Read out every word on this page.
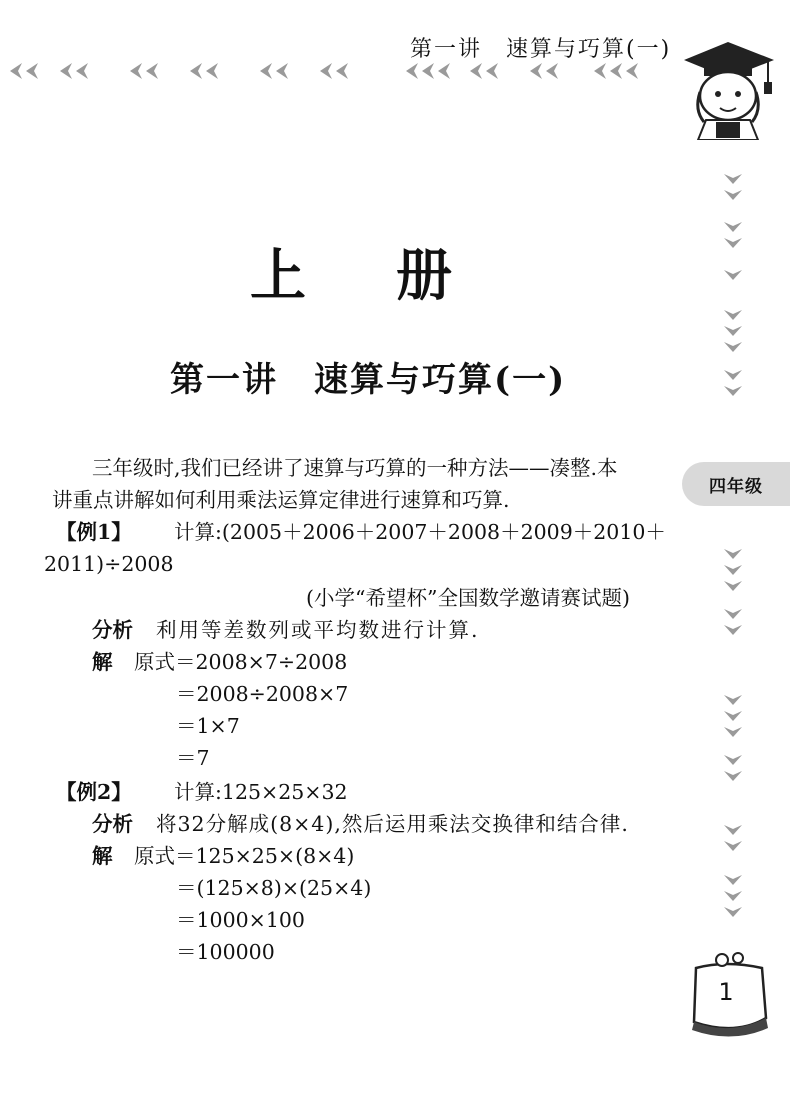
第一讲　速算与巧算(一)
四年级
1
上册
第一讲　速算与巧算(一)
三年级时,我们已经讲了速算与巧算的一种方法——凑整.本
讲重点讲解如何利用乘法运算定律进行速算和巧算.
【例1】 计算:(2005＋2006＋2007＋2008＋2009＋2010＋
2011)÷2008
(小学“希望杯”全国数学邀请赛试题)
分析 利用等差数列或平均数进行计算.
解 原式＝2008×7÷2008
＝2008÷2008×7
＝1×7
＝7
【例2】 计算:125×25×32
分析 将32分解成(8×4),然后运用乘法交换律和结合律.
解 原式＝125×25×(8×4)
＝(125×8)×(25×4)
＝1000×100
＝100000
